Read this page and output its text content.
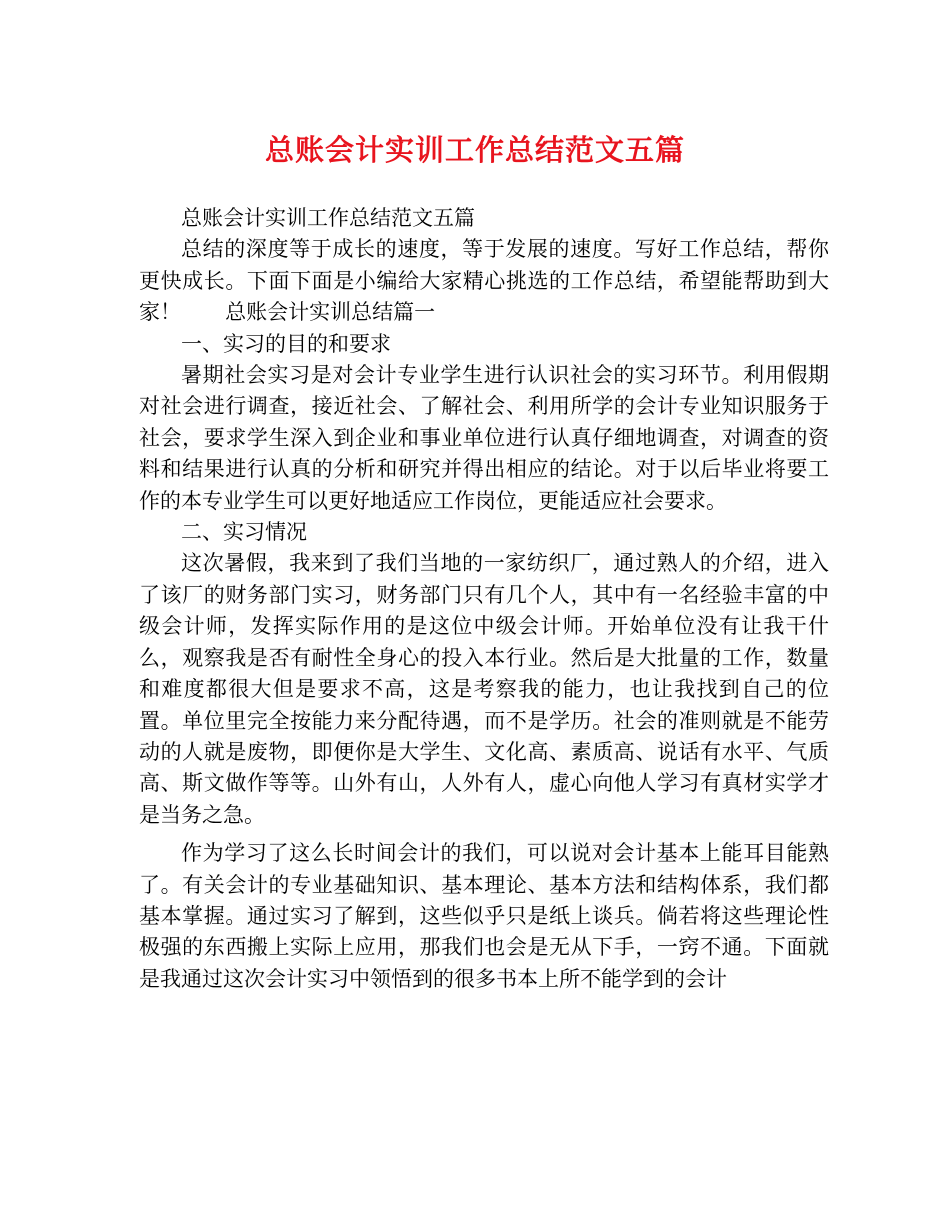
总账会计实训工作总结范文五篇

总账会计实训工作总结范文五篇

总结的深度等于成长的速度，等于发展的速度。写好工作总结，帮你更快成长。下面下面是小编给大家精心挑选的工作总结，希望能帮助到大家！ 总账会计实训总结篇一

一、实习的目的和要求

暑期社会实习是对会计专业学生进行认识社会的实习环节。利用假期对社会进行调查，接近社会、了解社会、利用所学的会计专业知识服务于社会，要求学生深入到企业和事业单位进行认真仔细地调查，对调查的资料和结果进行认真的分析和研究并得出相应的结论。对于以后毕业将要工作的本专业学生可以更好地适应工作岗位，更能适应社会要求。

二、实习情况

这次暑假，我来到了我们当地的一家纺织厂，通过熟人的介绍，进入了该厂的财务部门实习，财务部门只有几个人，其中有一名经验丰富的中级会计师，发挥实际作用的是这位中级会计师。开始单位没有让我干什么，观察我是否有耐性全身心的投入本行业。然后是大批量的工作，数量和难度都很大但是要求不高，这是考察我的能力，也让我找到自己的位置。单位里完全按能力来分配待遇，而不是学历。社会的准则就是不能劳动的人就是废物，即便你是大学生、文化高、素质高、说话有水平、气质高、斯文做作等等。山外有山，人外有人，虚心向他人学习有真材实学才是当务之急。

作为学习了这么长时间会计的我们，可以说对会计基本上能耳目能熟了。有关会计的专业基础知识、基本理论、基本方法和结构体系，我们都基本掌握。通过实习了解到，这些似乎只是纸上谈兵。倘若将这些理论性极强的东西搬上实际上应用，那我们也会是无从下手，一窍不通。下面就是我通过这次会计实习中领悟到的很多书本上所不能学到的会计
